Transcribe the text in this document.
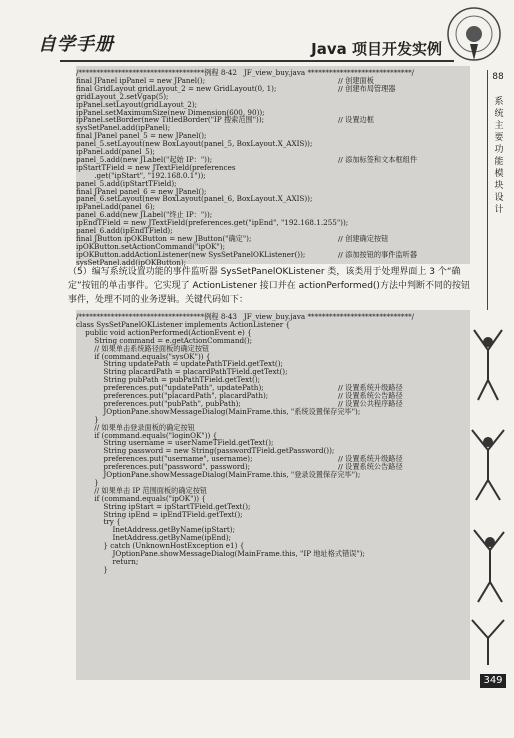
自学手册	Java 项目开发实例
88
系统主要功能模块设计
349
/***********************************例程 8-42   JF_view_buy.java *****************************/
final JPanel ipPanel = new JPanel();	// 创建面板
final GridLayout gridLayout_2 = new GridLayout(0, 1);	// 创建布局管理器
gridLayout_2.setVgap(5);
ipPanel.setLayout(gridLayout_2);
ipPanel.setMaximumSize(new Dimension(600, 90));
ipPanel.setBorder(new TitledBorder("IP 搜索范围"));	// 设置边框
sysSetPanel.add(ipPanel);
final JPanel panel_5 = new JPanel();
panel_5.setLayout(new BoxLayout(panel_5, BoxLayout.X_AXIS));
ipPanel.add(panel_5);
panel_5.add(new JLabel("起始 IP："));	// 添加标签和文本框组件
ipStartTField = new JTextField(preferences
.get("ipStart", "192.168.0.1"));
panel_5.add(ipStartTField);
final JPanel panel_6 = new JPanel();
panel_6.setLayout(new BoxLayout(panel_6, BoxLayout.X_AXIS));
ipPanel.add(panel_6);
panel_6.add(new JLabel("终止 IP："));
ipEndTField = new JTextField(preferences.get("ipEnd", "192.168.1.255"));
panel_6.add(ipEndTField);
final JButton ipOKButton = new JButton("确定");	// 创建确定按钮
ipOKButton.setActionCommand("ipOK");
ipOKButton.addActionListener(new SysSetPanelOKListener());	// 添加按钮的事件监听器
sysSetPanel.add(ipOKButton);
（5）编写系统设置功能的事件监听器 SysSetPanelOKListener 类，该类用于处理界面上 3 个“确定”按钮的单击事件。它实现了 ActionListener 接口并在 actionPerformed()方法中判断不同的按钮事件，处理不同的业务逻辑。关键代码如下：
/***********************************例程 8-43   JF_view_buy.java *****************************/
class SysSetPanelOKListener implements ActionListener {
public void actionPerformed(ActionEvent e) {
String command = e.getActionCommand();
// 如果单击系统路径面板的确定按钮
if (command.equals("sysOK")) {
String updatePath = updatePathTField.getText();
String placardPath = placardPathTField.getText();
String pubPath = pubPathTField.getText();
preferences.put("updatePath", updatePath);	// 设置系统升级路径
preferences.put("placardPath", placardPath);	// 设置系统公告路径
preferences.put("pubPath", pubPath);	// 设置公共程序路径
JOptionPane.showMessageDialog(MainFrame.this, "系统设置保存完毕");
}
// 如果单击登录面板的确定按钮
if (command.equals("loginOK")) {
String username = userNameTField.getText();
String password = new String(passwordTField.getPassword());
preferences.put("username", username);	// 设置系统升级路径
preferences.put("password", password);	// 设置系统公告路径
JOptionPane.showMessageDialog(MainFrame.this, "登录设置保存完毕");
}
// 如果单击 IP 范围面板的确定按钮
if (command.equals("ipOK")) {
String ipStart = ipStartTField.getText();
String ipEnd = ipEndTField.getText();
try {
InetAddress.getByName(ipStart);
InetAddress.getByName(ipEnd);
} catch (UnknownHostException e1) {
JOptionPane.showMessageDialog(MainFrame.this, "IP 地址格式错误");
return;
}
